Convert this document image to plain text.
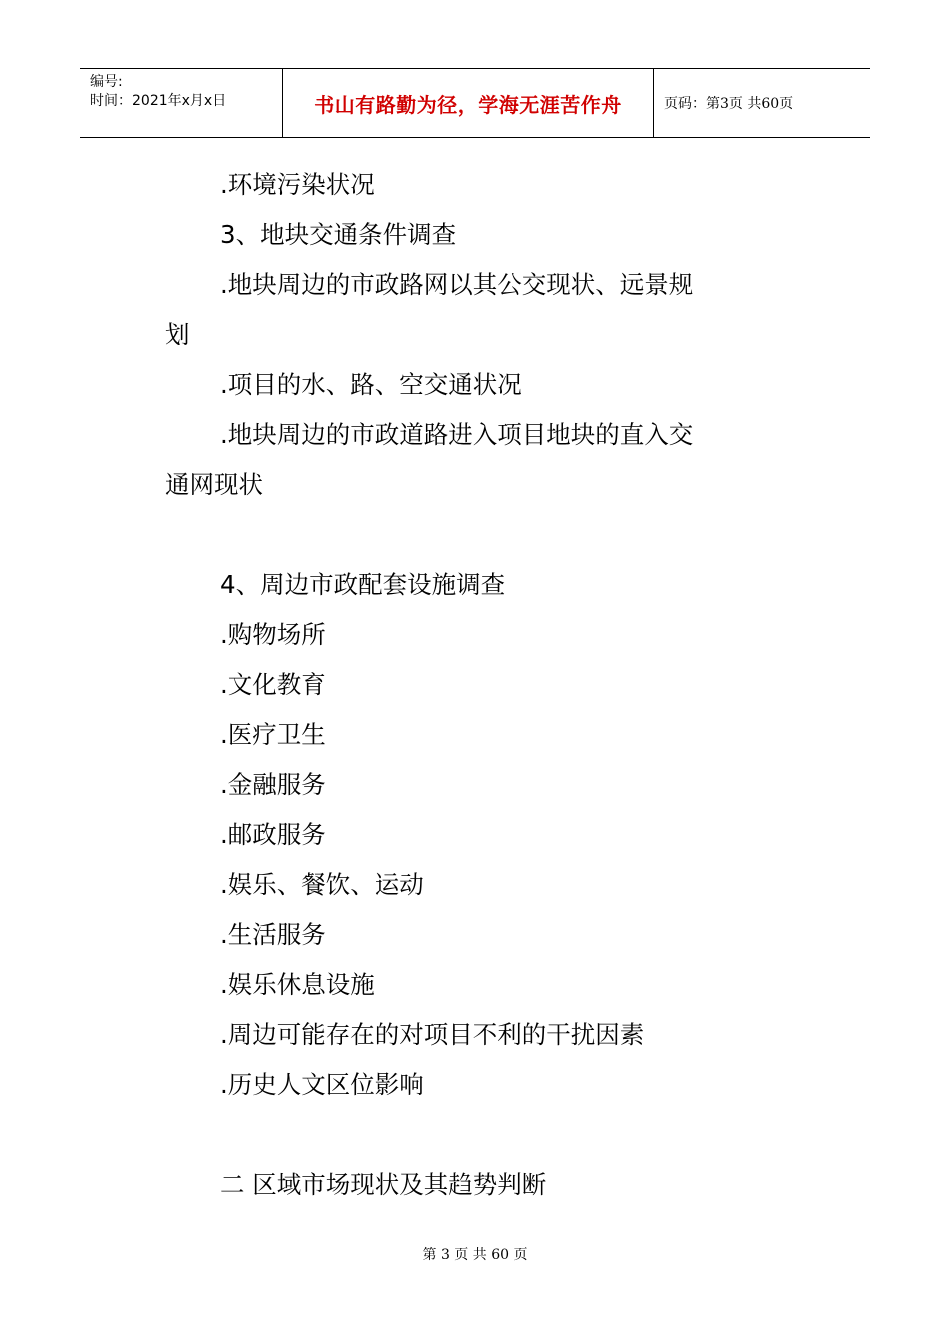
编号:
时间：2021年x月x日	书山有路勤为径，学海无涯苦作舟	页码：第3页 共60页
.环境污染状况
3、地块交通条件调查
.地块周边的市政路网以其公交现状、远景规
划
.项目的水、路、空交通状况
.地块周边的市政道路进入项目地块的直入交
通网现状
4、周边市政配套设施调查
.购物场所
.文化教育
.医疗卫生
.金融服务
.邮政服务
.娱乐、餐饮、运动
.生活服务
.娱乐休息设施
.周边可能存在的对项目不利的干扰因素
.历史人文区位影响
二 区域市场现状及其趋势判断
第 3 页 共 60 页
